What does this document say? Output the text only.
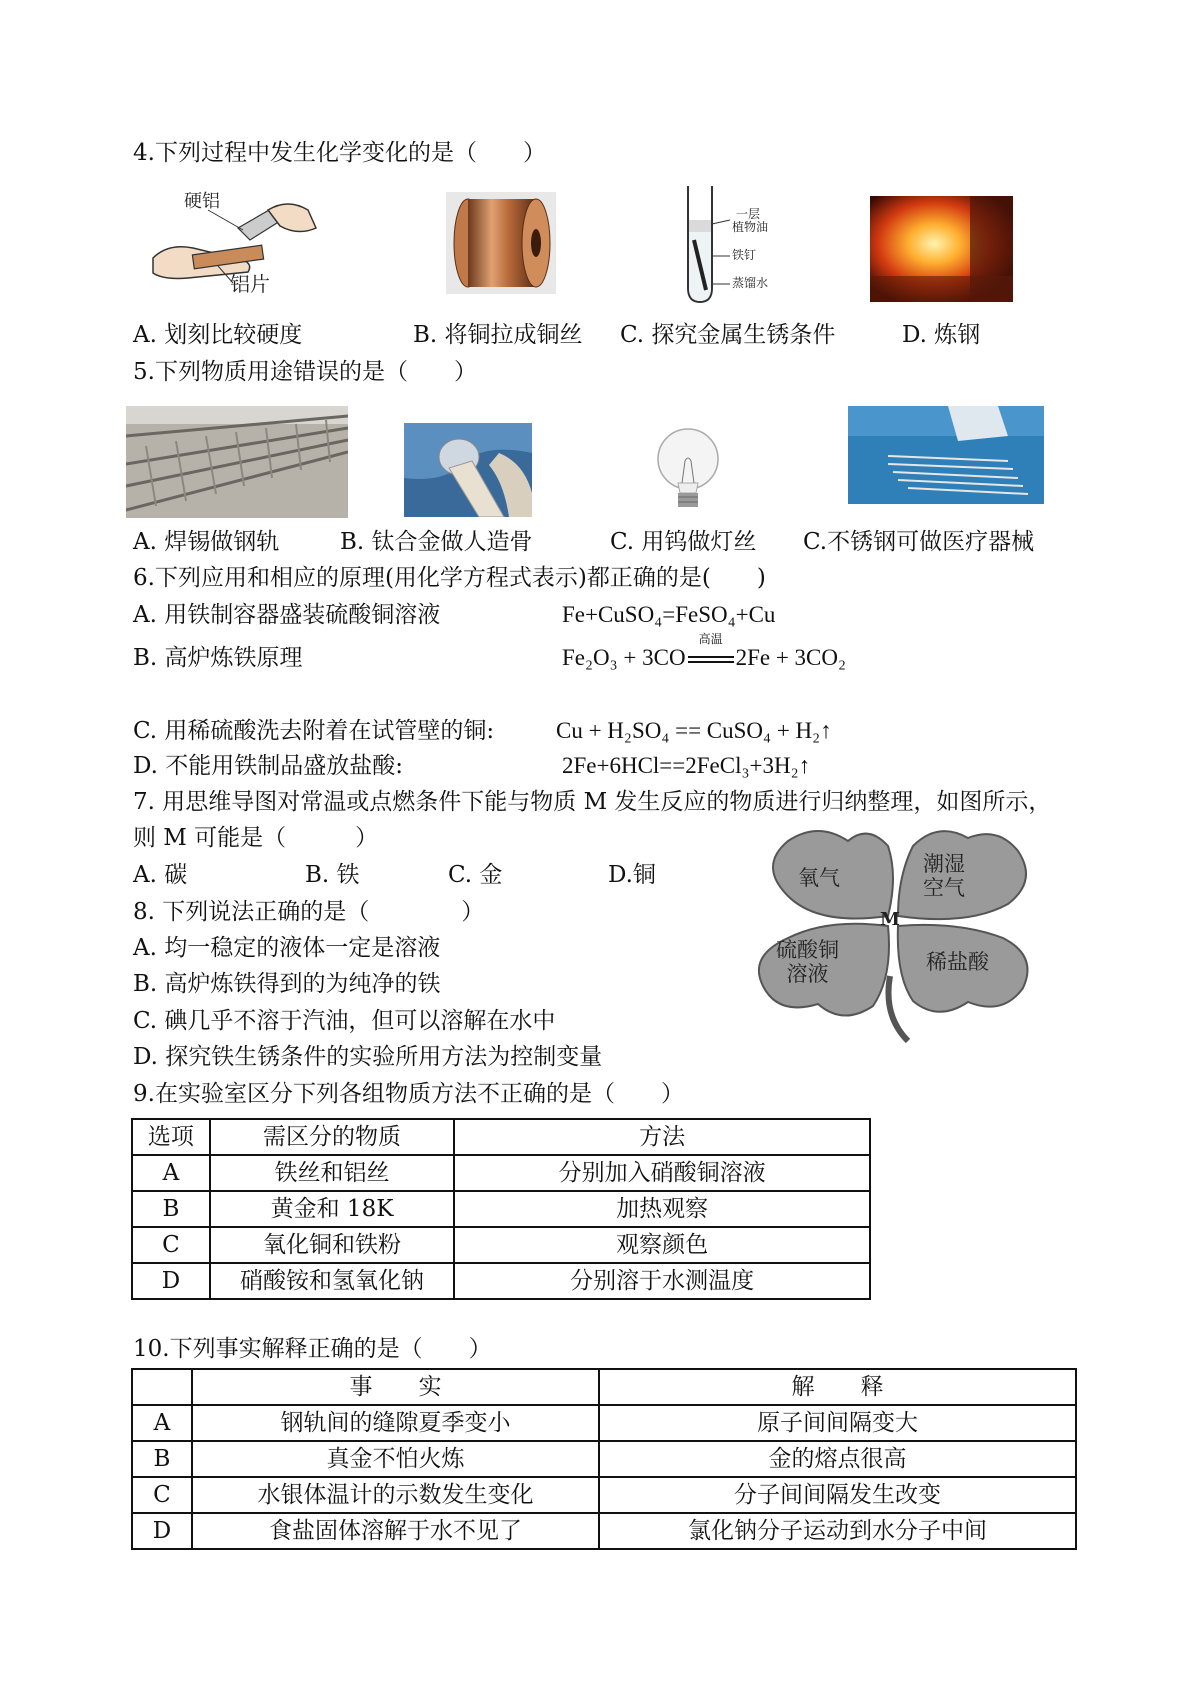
4.下列过程中发生化学变化的是（　　）
硬铝
铝片
一层
植物油
铁钉
蒸馏水
A. 划刻比较硬度	B. 将铜拉成铜丝 C. 探究金属生锈条件	D. 炼钢
5.下列物质用途错误的是（　　）
A. 焊锡做钢轨	B. 钛合金做人造骨	C. 用钨做灯丝 C.不锈钢可做医疗器械
6.下列应用和相应的原理(用化学方程式表示)都正确的是(　　)
A. 用铁制容器盛装硫酸铜溶液	Fe+CuSO₄=FeSO₄+Cu
B. 高炉炼铁原理	Fe₂O₃ + 3CO
高温
2Fe + 3CO₂
C. 用稀硫酸洗去附着在试管壁的铜:	Cu + H₂SO₄ == CuSO₄ + H₂↑
D. 不能用铁制品盛放盐酸:	2Fe+6HCl==2FeCl₃+3H₂↑
7. 用思维导图对常温或点燃条件下能与物质 M 发生反应的物质进行归纳整理，如图所示，
则 M 可能是（　　　）
A. 碳	B. 铁	C. 金	D.铜	氧气
潮湿
空气
M
硫酸铜
溶液	稀盐酸
8. 下列说法正确的是（　　　　）
A. 均一稳定的液体一定是溶液
B. 高炉炼铁得到的为纯净的铁
C. 碘几乎不溶于汽油，但可以溶解在水中
D. 探究铁生锈条件的实验所用方法为控制变量
9.在实验室区分下列各组物质方法不正确的是（　　）
选项	需区分的物质	方法
A	铁丝和铝丝	分别加入硝酸铜溶液
B	黄金和 18K	加热观察
C	氧化铜和铁粉	观察颜色
D	硝酸铵和氢氧化钠	分别溶于水测温度
10.下列事实解释正确的是（　　）
	事　　实	解　　释
A	钢轨间的缝隙夏季变小	原子间间隔变大
B	真金不怕火炼	金的熔点很高
C	水银体温计的示数发生变化	分子间间隔发生改变
D	食盐固体溶解于水不见了	氯化钠分子运动到水分子中间
